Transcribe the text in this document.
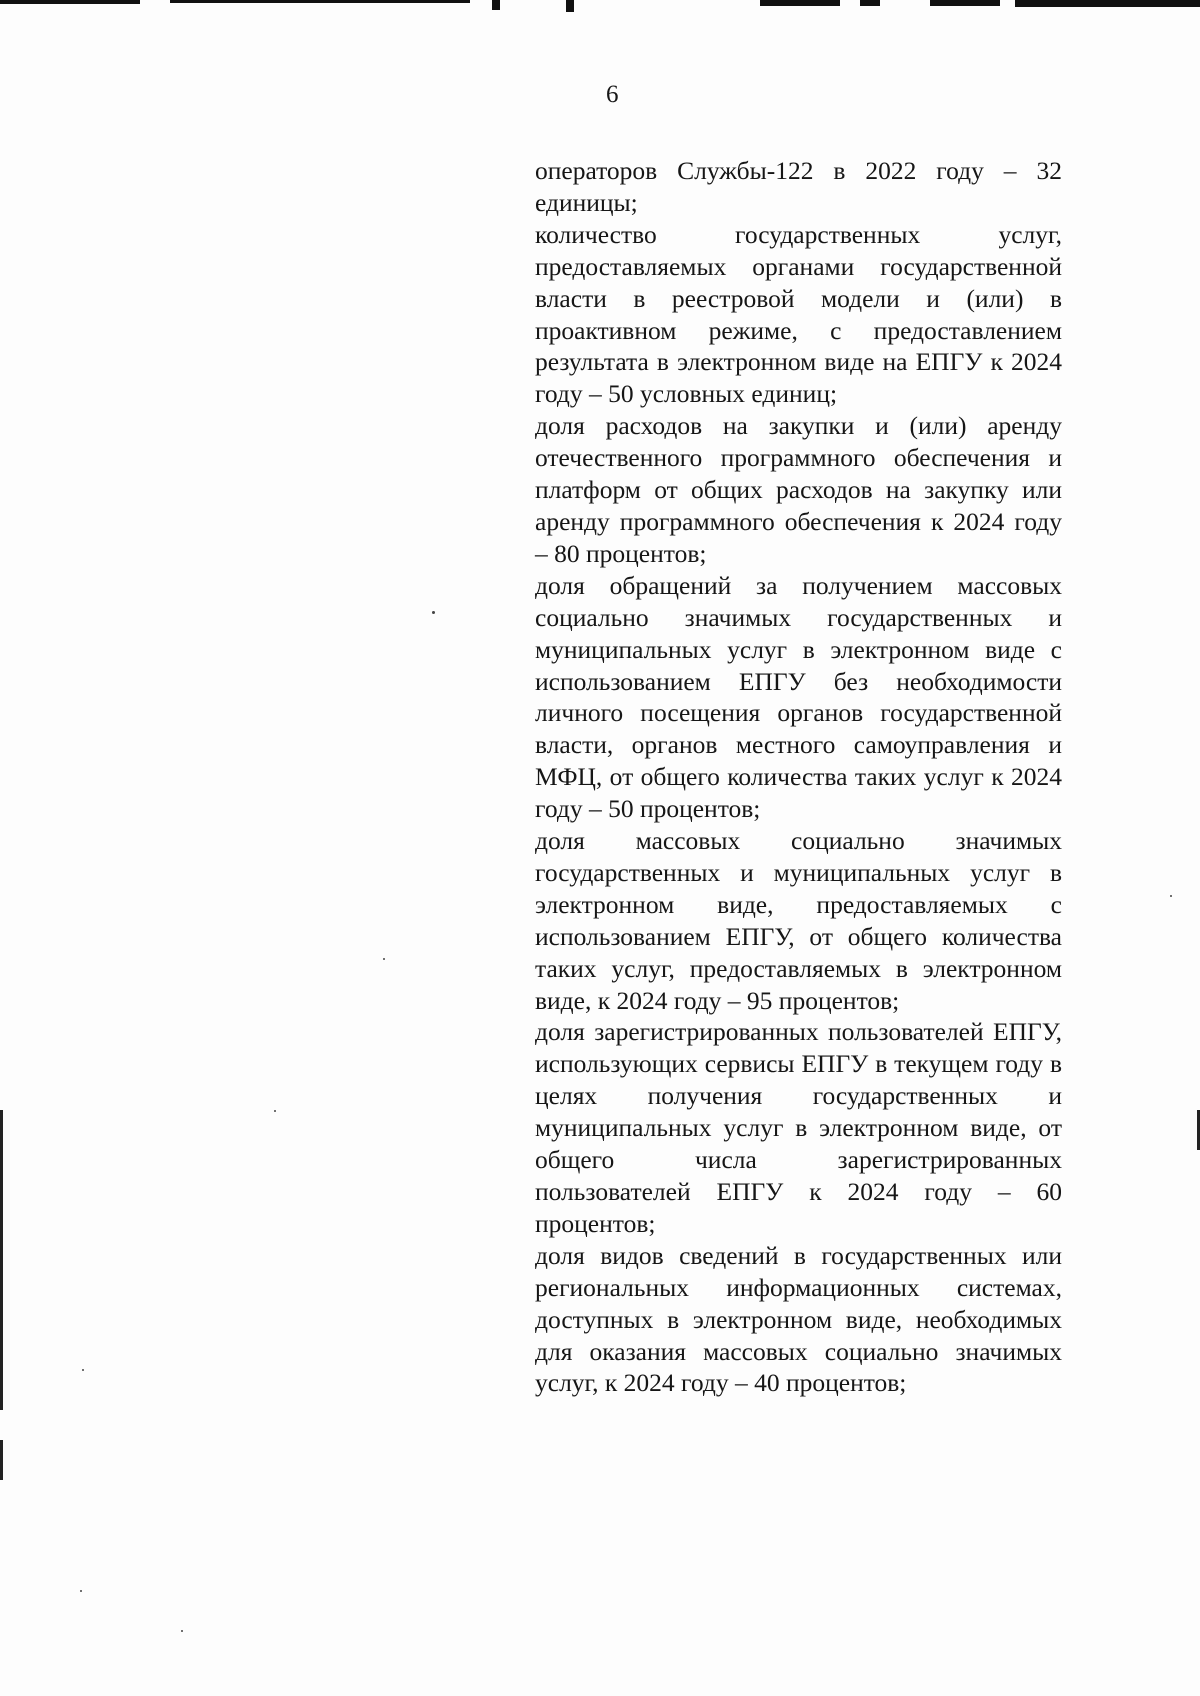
6

операторов Службы-122 в 2022 году – 32 единицы;

количество государственных услуг, предоставляемых органами государственной власти в реестровой модели и (или) в проактивном режиме, с предоставлением результата в электронном виде на ЕПГУ к 2024 году – 50 условных единиц;

доля расходов на закупки и (или) аренду отечественного программного обеспечения и платформ от общих расходов на закупку или аренду программного обеспечения к 2024 году – 80 процентов;

доля обращений за получением массовых социально значимых государственных и муниципальных услуг в электронном виде с использованием ЕПГУ без необходимости личного посещения органов государственной власти, органов местного самоуправления и МФЦ, от общего количества таких услуг к 2024 году – 50 процентов;

доля массовых социально значимых государственных и муниципальных услуг в электронном виде, предоставляемых с использованием ЕПГУ, от общего количества таких услуг, предоставляемых в электронном виде, к 2024 году – 95 процентов;

доля зарегистрированных пользователей ЕПГУ, использующих сервисы ЕПГУ в текущем году в целях получения государственных и муниципальных услуг в электронном виде, от общего числа зарегистрированных пользователей ЕПГУ к 2024 году – 60 процентов;

доля видов сведений в государственных или региональных информационных системах, доступных в электронном виде, необходимых для оказания массовых социально значимых услуг, к 2024 году – 40 процентов;
